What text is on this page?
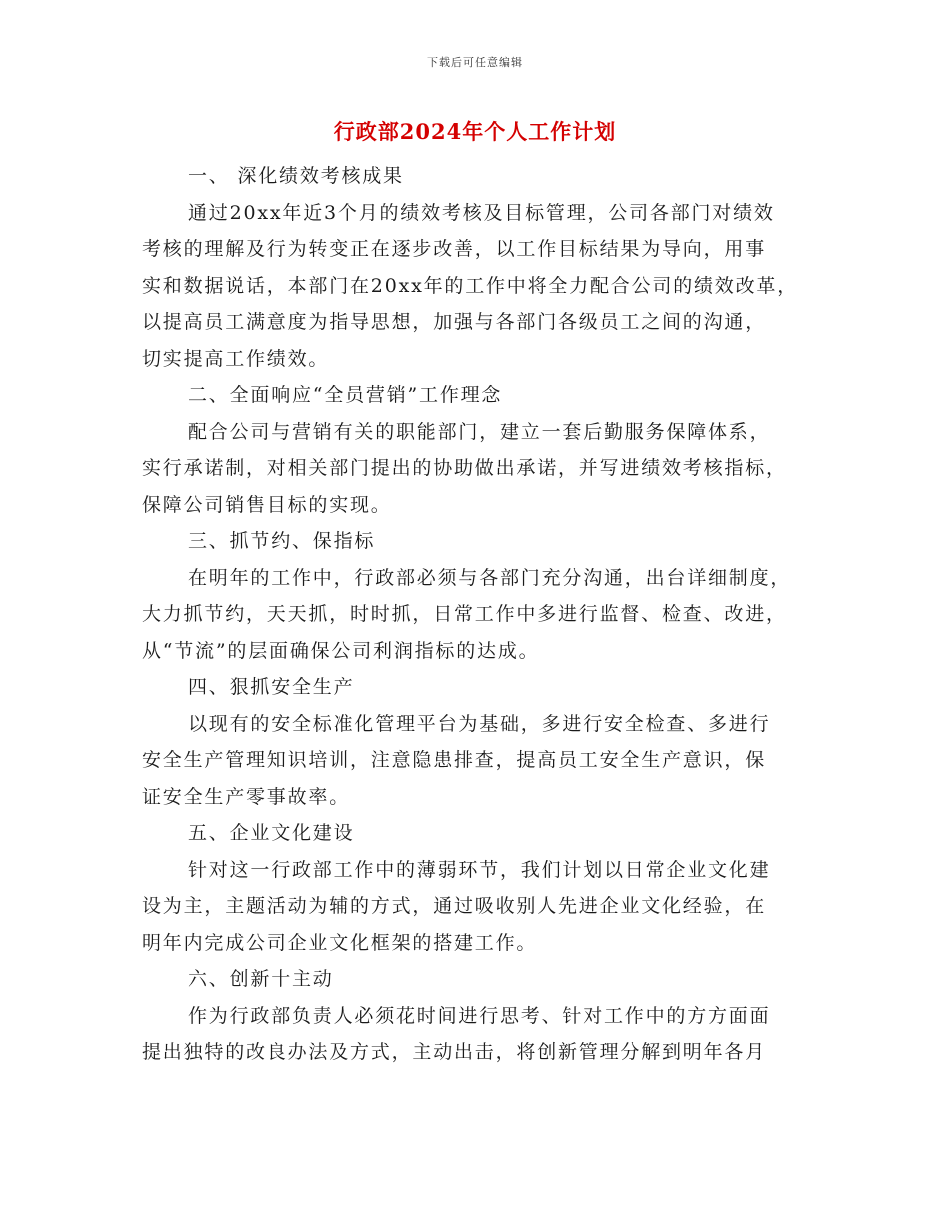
下载后可任意编辑
行政部2024年个人工作计划
一、 深化绩效考核成果
通过20xx年近3个月的绩效考核及目标管理，公司各部门对绩效
考核的理解及行为转变正在逐步改善，以工作目标结果为导向，用事
实和数据说话，本部门在20xx年的工作中将全力配合公司的绩效改革，
以提高员工满意度为指导思想，加强与各部门各级员工之间的沟通，
切实提高工作绩效。
二、全面响应“全员营销”工作理念
配合公司与营销有关的职能部门，建立一套后勤服务保障体系，
实行承诺制，对相关部门提出的协助做出承诺，并写进绩效考核指标，
保障公司销售目标的实现。
三、抓节约、保指标
在明年的工作中，行政部必须与各部门充分沟通，出台详细制度，
大力抓节约，天天抓，时时抓，日常工作中多进行监督、检查、改进，
从“节流”的层面确保公司利润指标的达成。
四、狠抓安全生产
以现有的安全标准化管理平台为基础，多进行安全检查、多进行
安全生产管理知识培训，注意隐患排查，提高员工安全生产意识，保
证安全生产零事故率。
五、企业文化建设
针对这一行政部工作中的薄弱环节，我们计划以日常企业文化建
设为主，主题活动为辅的方式，通过吸收别人先进企业文化经验，在
明年内完成公司企业文化框架的搭建工作。
六、创新十主动
作为行政部负责人必须花时间进行思考、针对工作中的方方面面
提出独特的改良办法及方式，主动出击，将创新管理分解到明年各月
